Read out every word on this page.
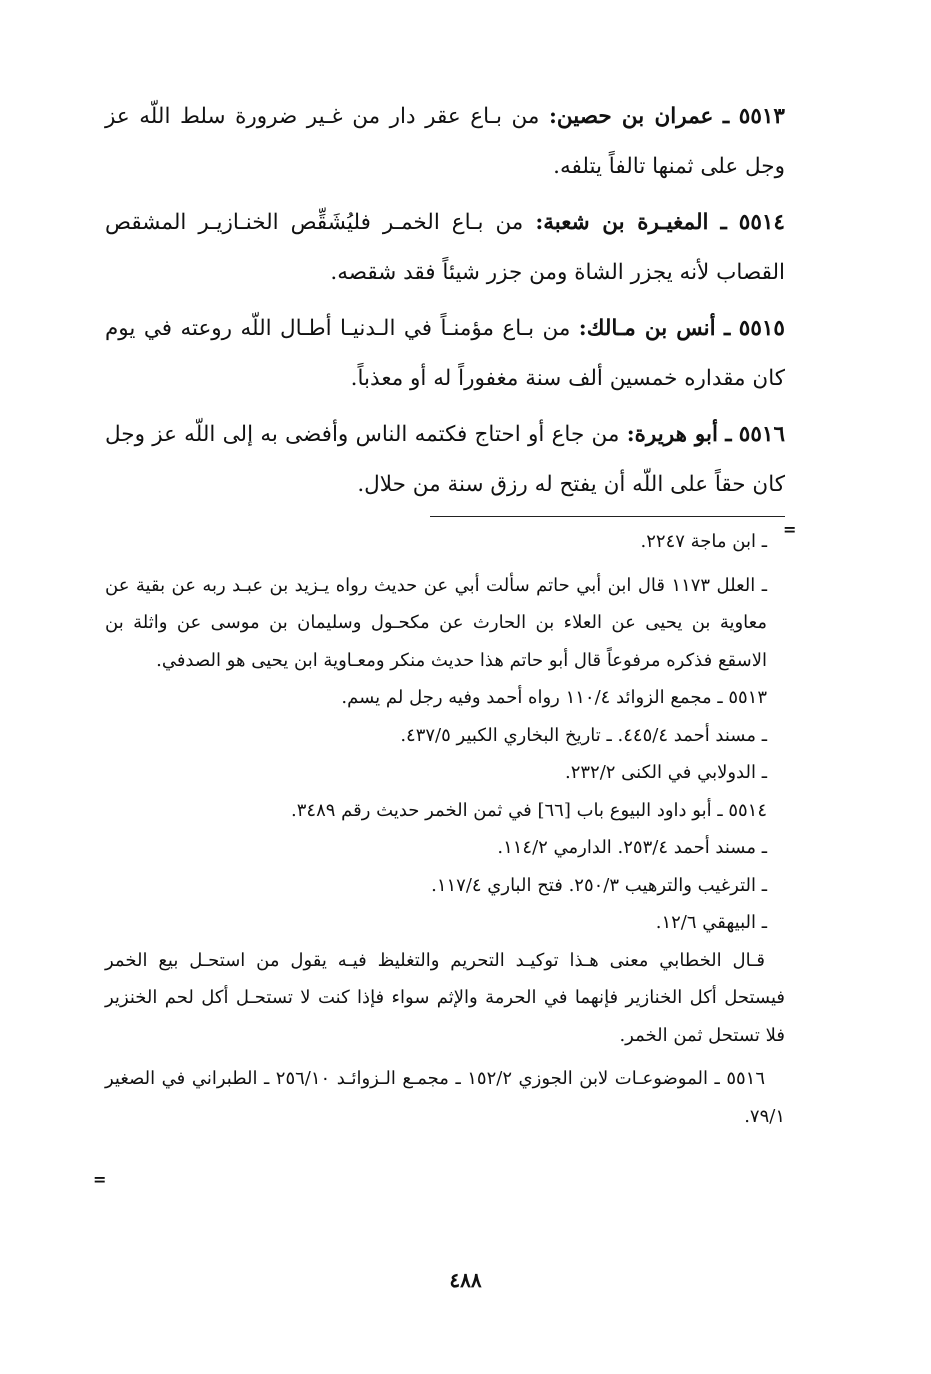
٥٥١٣ ـ عمران بن حصين: من بـاع عقر دار من غـير ضرورة سلط اللّه عز وجل على ثمنها تالفاً يتلفه.

٥٥١٤ ـ المغيـرة بن شعبة: من بـاع الخمـر فليُشَقِّص الخنـازيـر المشقص القصاب لأنه يجزر الشاة ومن جزر شيئاً فقد شقصه.

٥٥١٥ ـ أنس بن مـالك: من بـاع مؤمنـاً في الـدنيـا أطـال اللّه روعته في يوم كان مقداره خمسين ألف سنة مغفوراً له أو معذباً.

٥٥١٦ ـ أبو هريرة: من جاع أو احتاج فكتمه الناس وأفضى به إلى اللّه عز وجل كان حقاً على اللّه أن يفتح له رزق سنة من حلال.

ـ ابن ماجة ٢٢٤٧.

ـ العلل ١١٧٣ قال ابن أبي حاتم سألت أبي عن حديث رواه يـزيد بن عبـد ربه عن بقية عن معاوية بن يحيى عن العلاء بن الحارث عن مكحـول وسليمان بن موسى عن واثلة بن الاسقع فذكره مرفوعاً قال أبو حاتم هذا حديث منكر ومعـاوية ابن يحيى هو الصدفي.

٥٥١٣ ـ مجمع الزوائد ١١٠/٤ رواه أحمد وفيه رجل لم يسم.

ـ مسند أحمد ٤٤٥/٤. ـ تاريخ البخاري الكبير ٤٣٧/٥.

ـ الدولابي في الكنى ٢٣٢/٢.

٥٥١٤ ـ أبو داود البيوع باب [٦٦] في ثمن الخمر حديث رقم ٣٤٨٩.

ـ مسند أحمد ٢٥٣/٤. الدارمي ١١٤/٢.

ـ الترغيب والترهيب ٢٥٠/٣. فتح الباري ١١٧/٤.

ـ البيهقي ١٢/٦.

قـال الخطابي معنى هـذا توكيـد التحريم والتغليظ فيـه يقول من استحـل بيع الخمر فيستحل أكل الخنازير فإنهما في الحرمة والإثم سواء فإذا كنت لا تستحـل أكل لحم الخنزير فلا تستحل ثمن الخمر.

٥٥١٦ ـ الموضوعـات لابن الجوزي ١٥٢/٢ ـ مجمـع الـزوائـد ٢٥٦/١٠ ـ الطبراني في الصغير ٧٩/١.

=
=
٤٨٨
